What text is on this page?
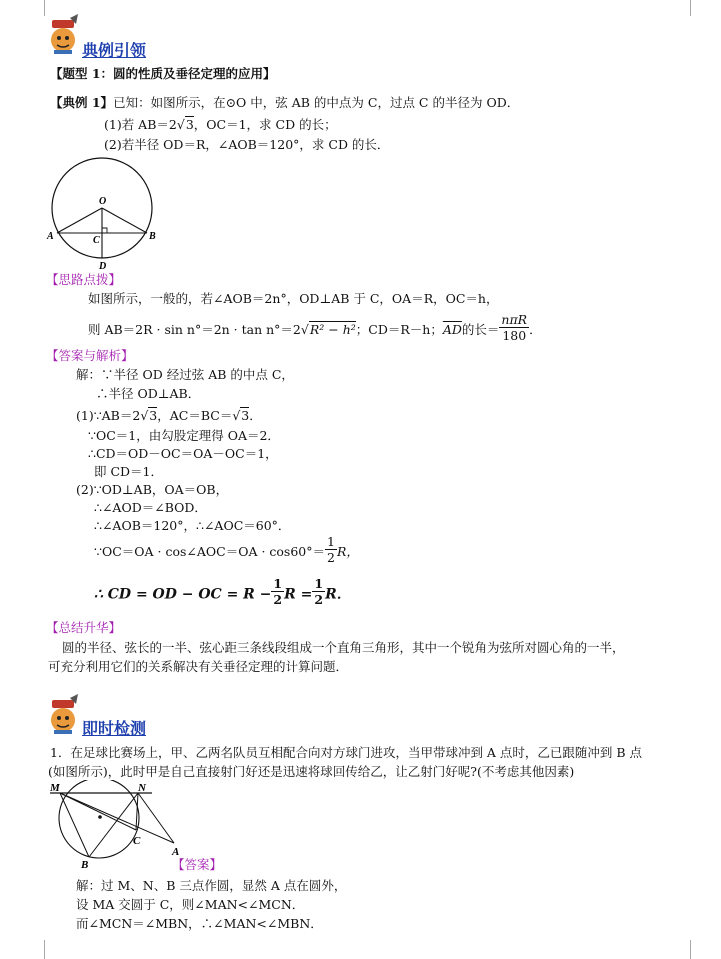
典例引领
【题型 1：圆的性质及垂径定理的应用】
【典例 1】已知：如图所示，在⊙O 中，弦 AB 的中点为 C，过点 C 的半径为 OD．
(1)若 AB＝2√3，OC＝1，求 CD 的长；
(2)若半径 OD＝R，∠AOB＝120°，求 CD 的长．
O
A	B
C
D
【思路点拨】
如图所示，一般的，若∠AOB＝2n°，OD⊥AB 于 C，OA＝R，OC＝h，
则 AB＝2R · sin n°＝2n · tan n°＝2√R² − h²；CD＝R－h；$\overline{AD}$的长＝ $\frac{\text{nπR}}{180}$ ．
【答案与解析】
解：∵半径 OD 经过弦 AB 的中点 C，
∴半径 OD⊥AB．
(1)∵AB＝2√3，AC＝BC＝√3．
∵OC＝1，由勾股定理得 OA＝2．
∴CD＝OD－OC＝OA－OC＝1，
即 CD＝1．
(2)∵OD⊥AB，OA＝OB，
∴∠AOD＝∠BOD．
∴∠AOB＝120°，∴∠AOC＝60°．
∵OC＝OA · cos∠AOC＝OA · $\cos 60^\circ= \frac{1}{2}$ R，
∴ CD = OD − OC = $R - \frac{1}{2}$ $R = \frac{1}{2}$ R．
【总结升华】
圆的半径、弦长的一半、弦心距三条线段组成一个直角三角形，其中一个锐角为弦所对圆心角的一半，
可充分利用它们的关系解决有关垂径定理的计算问题．
即时检测
1．在足球比赛场上，甲、乙两名队员互相配合向对方球门进攻，当甲带球冲到 A 点时，乙已跟随冲到 B 点
(如图所示)，此时甲是自己直接射门好还是迅速将球回传给乙，让乙射门好呢?(不考虑其他因素)
M	N
B
C
A
【答案】
解：过 M、N、B 三点作圆，显然 A 点在圆外，
设 MA 交圆于 C，则∠MAN<∠MCN．
而∠MCN＝∠MBN，∴∠MAN<∠MBN．
